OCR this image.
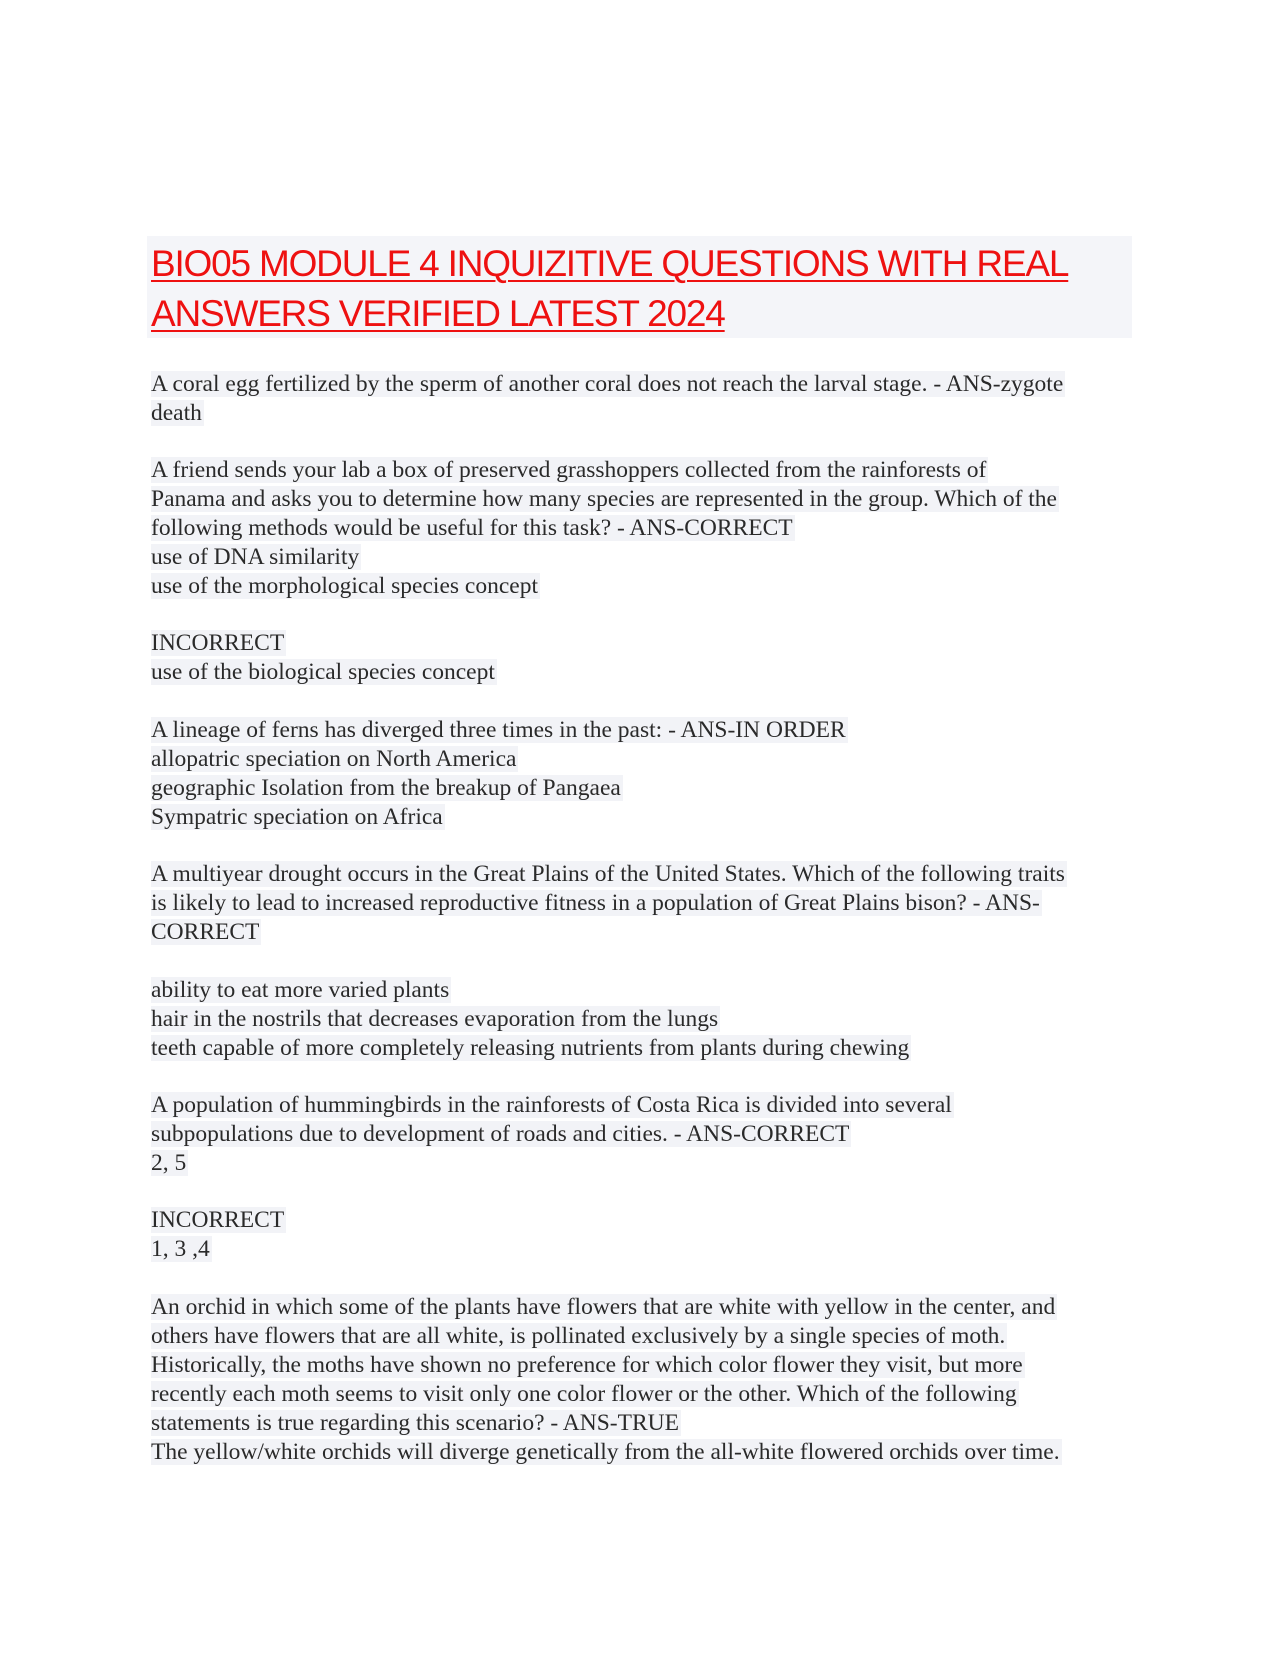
BIO05 MODULE 4 INQUIZITIVE QUESTIONS WITH REAL
ANSWERS VERIFIED LATEST 2024
A coral egg fertilized by the sperm of another coral does not reach the larval stage. - ANS-zygote
death
A friend sends your lab a box of preserved grasshoppers collected from the rainforests of
Panama and asks you to determine how many species are represented in the group. Which of the
following methods would be useful for this task? - ANS-CORRECT
use of DNA similarity
use of the morphological species concept
INCORRECT
use of the biological species concept
A lineage of ferns has diverged three times in the past: - ANS-IN ORDER
allopatric speciation on North America
geographic Isolation from the breakup of Pangaea
Sympatric speciation on Africa
A multiyear drought occurs in the Great Plains of the United States. Which of the following traits
is likely to lead to increased reproductive fitness in a population of Great Plains bison? - ANS-
CORRECT
ability to eat more varied plants
hair in the nostrils that decreases evaporation from the lungs
teeth capable of more completely releasing nutrients from plants during chewing
A population of hummingbirds in the rainforests of Costa Rica is divided into several
subpopulations due to development of roads and cities. - ANS-CORRECT
2, 5
INCORRECT
1, 3 ,4
An orchid in which some of the plants have flowers that are white with yellow in the center, and
others have flowers that are all white, is pollinated exclusively by a single species of moth.
Historically, the moths have shown no preference for which color flower they visit, but more
recently each moth seems to visit only one color flower or the other. Which of the following
statements is true regarding this scenario? - ANS-TRUE
The yellow/white orchids will diverge genetically from the all-white flowered orchids over time.
